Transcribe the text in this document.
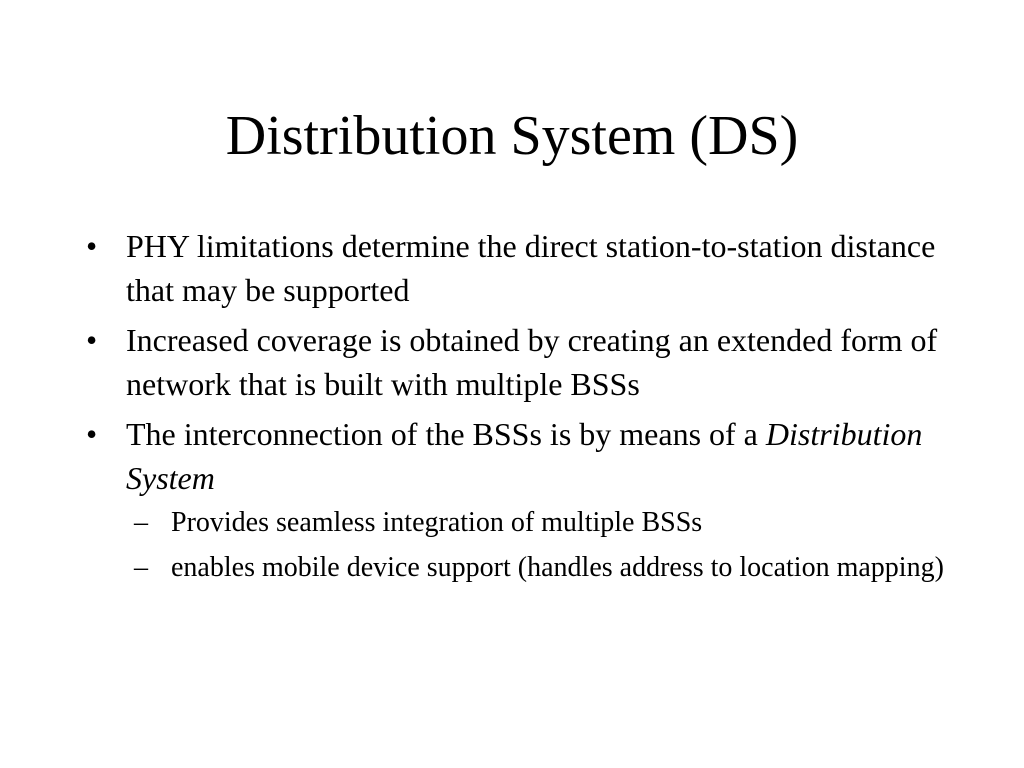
Distribution System (DS)
• PHY limitations determine the direct station-to-station distance that may be supported
• Increased coverage is obtained by creating an extended form of network that is built with multiple BSSs
• The interconnection of the BSSs is by means of a Distribution System
– Provides seamless integration of multiple BSSs
– enables mobile device support (handles address to location mapping)
